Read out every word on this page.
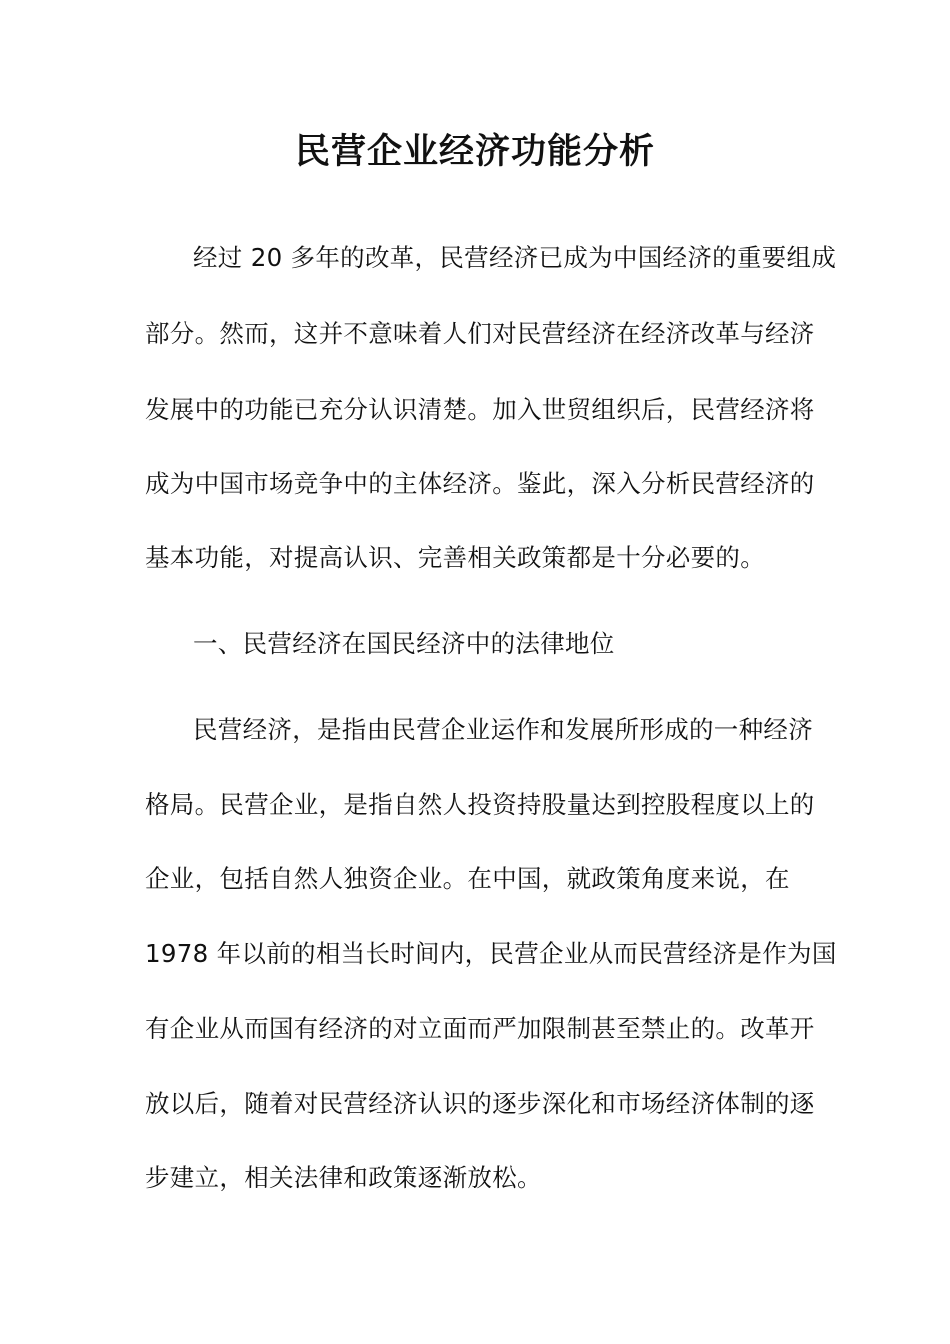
民营企业经济功能分析

经过 20 多年的改革，民营经济已成为中国经济的重要组成

部分。然而，这并不意味着人们对民营经济在经济改革与经济

发展中的功能已充分认识清楚。加入世贸组织后，民营经济将

成为中国市场竞争中的主体经济。鉴此，深入分析民营经济的

基本功能，对提高认识、完善相关政策都是十分必要的。

一、民营经济在国民经济中的法律地位

民营经济，是指由民营企业运作和发展所形成的一种经济

格局。民营企业，是指自然人投资持股量达到控股程度以上的

企业，包括自然人独资企业。在中国，就政策角度来说，在

1978 年以前的相当长时间内，民营企业从而民营经济是作为国

有企业从而国有经济的对立面而严加限制甚至禁止的。改革开

放以后，随着对民营经济认识的逐步深化和市场经济体制的逐

步建立，相关法律和政策逐渐放松。
